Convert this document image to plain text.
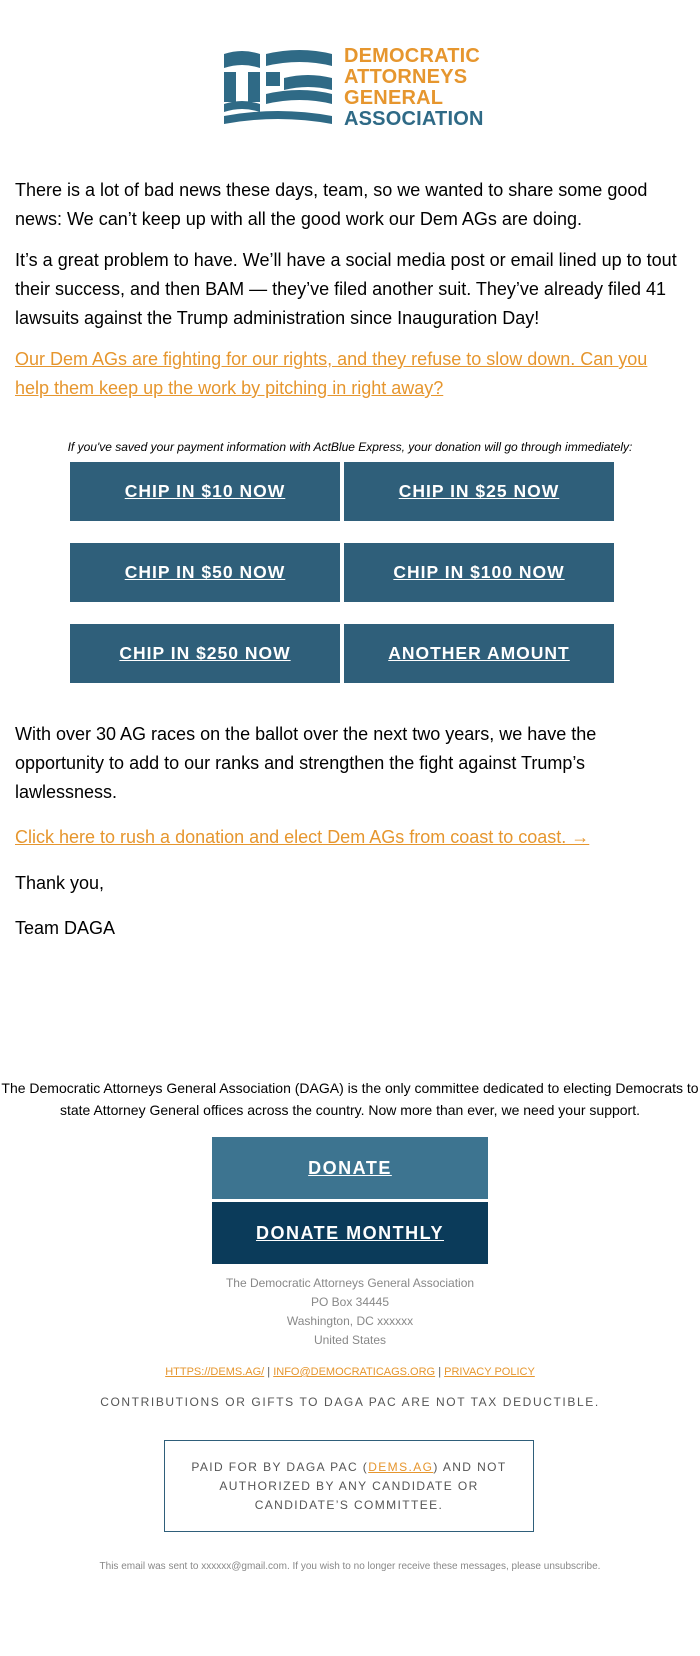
DEMOCRATIC
ATTORNEYS
GENERAL
ASSOCIATION

There is a lot of bad news these days, team, so we wanted to share some good news: We can’t keep up with all the good work our Dem AGs are doing.

It’s a great problem to have. We’ll have a social media post or email lined up to tout their success, and then BAM — they’ve filed another suit. They’ve already filed 41 lawsuits against the Trump administration since Inauguration Day!

Our Dem AGs are fighting for our rights, and they refuse to slow down. Can you help them keep up the work by pitching in right away?

If you've saved your payment information with ActBlue Express, your donation will go through immediately:
CHIP IN $10 NOW	CHIP IN $25 NOW
CHIP IN $50 NOW	CHIP IN $100 NOW
CHIP IN $250 NOW	ANOTHER AMOUNT

With over 30 AG races on the ballot over the next two years, we have the opportunity to add to our ranks and strengthen the fight against Trump’s lawlessness.

Click here to rush a donation and elect Dem AGs from coast to coast. →

Thank you,

Team DAGA

The Democratic Attorneys General Association (DAGA) is the only committee dedicated to electing Democrats to state Attorney General offices across the country. Now more than ever, we need your support.
DONATE
DONATE MONTHLY
The Democratic Attorneys General Association
PO Box 34445
Washington, DC xxxxxx
United States
HTTPS://DEMS.AG/ | INFO@DEMOCRATICAGS.ORG | PRIVACY POLICY
CONTRIBUTIONS OR GIFTS TO DAGA PAC ARE NOT TAX DEDUCTIBLE.
PAID FOR BY DAGA PAC (DEMS.AG) AND NOT AUTHORIZED BY ANY CANDIDATE OR CANDIDATE’S COMMITTEE.
This email was sent to xxxxxx@gmail.com. If you wish to no longer receive these messages, please unsubscribe.
